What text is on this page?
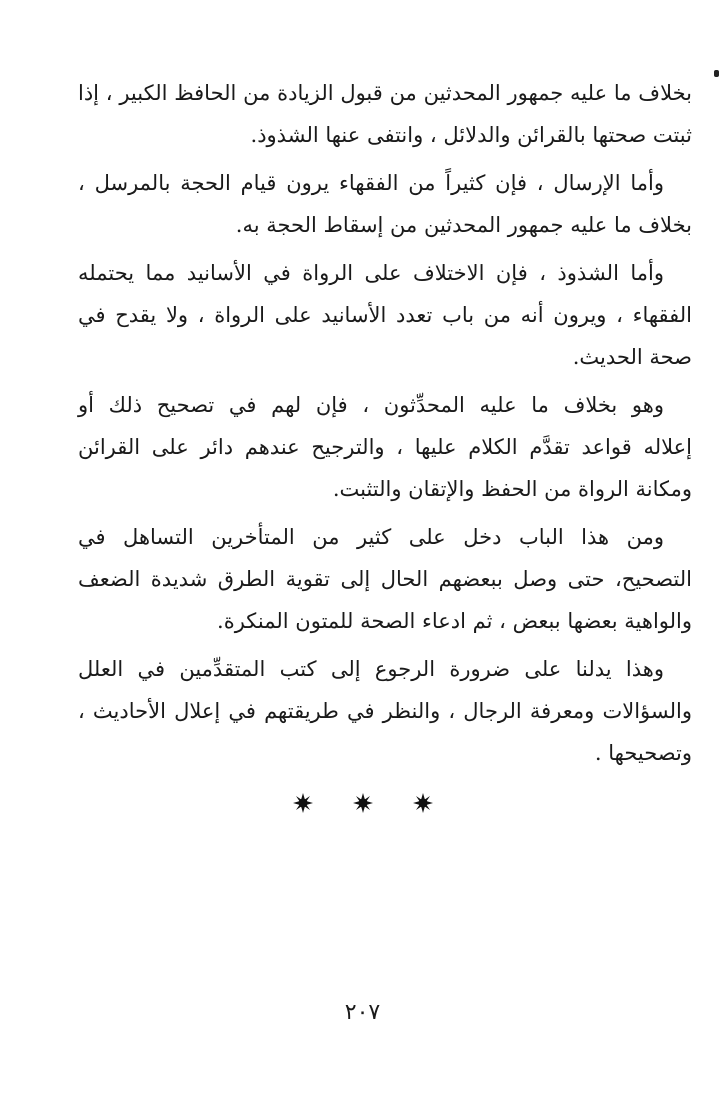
بخلاف ما عليه جمهور المحدثين من قبول الزيادة من الحافظ الكبير ، إذا
ثبتت صحتها بالقرائن والدلائل ، وانتفى عنها الشذوذ.
وأما الإرسال ، فإن كثيراً من الفقهاء يرون قيام الحجة بالمرسل ،
بخلاف ما عليه جمهور المحدثين من إسقاط الحجة به.
وأما الشذوذ ، فإن الاختلاف على الرواة في الأسانيد مما يحتمله
الفقهاء ، ويرون أنه من باب تعدد الأسانيد على الرواة ، ولا يقدح في
صحة الحديث.
وهو بخلاف ما عليه المحدِّثون ، فإن لهم في تصحيح ذلك أو
إعلاله قواعد تقدَّم الكلام عليها ، والترجيح عندهم دائر على القرائن
ومكانة الرواة من الحفظ والإتقان والتثبت.
ومن هذا الباب دخل على كثير من المتأخرين التساهل في
التصحيح، حتى وصل ببعضهم الحال إلى تقوية الطرق شديدة الضعف
والواهية بعضها ببعض ، ثم ادعاء الصحة للمتون المنكرة.
وهذا يدلنا على ضرورة الرجوع إلى كتب المتقدِّمين في العلل
والسؤالات ومعرفة الرجال ، والنظر في طريقتهم في إعلال الأحاديث ،
وتصحيحها .
٢٠٧
